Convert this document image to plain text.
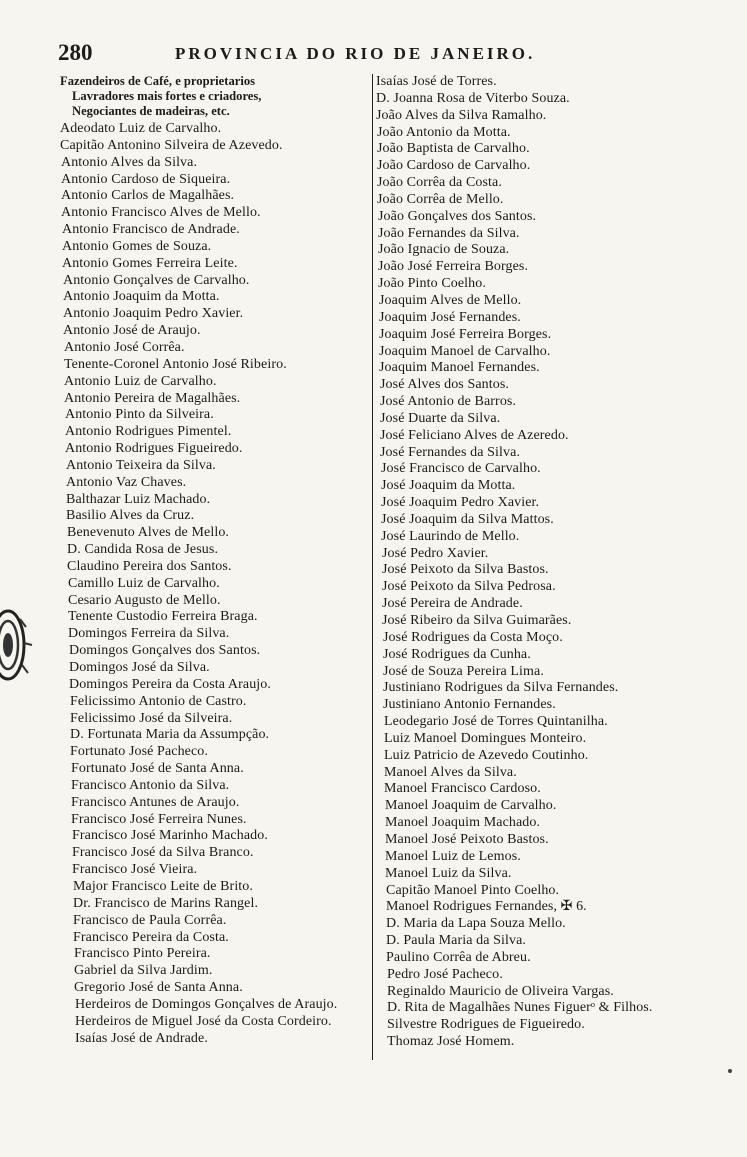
280	PROVINCIA DO RIO DE JANEIRO.
Fazendeiros de Café, e proprietarios
Lavradores mais fortes e criadores,
Negociantes de madeiras, etc.
Adeodato Luiz de Carvalho.
Capitão Antonino Silveira de Azevedo.
Antonio Alves da Silva.
Antonio Cardoso de Siqueira.
Antonio Carlos de Magalhães.
Antonio Francisco Alves de Mello.
Antonio Francisco de Andrade.
Antonio Gomes de Souza.
Antonio Gomes Ferreira Leite.
Antonio Gonçalves de Carvalho.
Antonio Joaquim da Motta.
Antonio Joaquim Pedro Xavier.
Antonio José de Araujo.
Antonio José Corrêa.
Tenente-Coronel Antonio José Ribeiro.
Antonio Luiz de Carvalho.
Antonio Pereira de Magalhães.
Antonio Pinto da Silveira.
Antonio Rodrigues Pimentel.
Antonio Rodrigues Figueiredo.
Antonio Teixeira da Silva.
Antonio Vaz Chaves.
Balthazar Luiz Machado.
Basilio Alves da Cruz.
Benevenuto Alves de Mello.
D. Candida Rosa de Jesus.
Claudino Pereira dos Santos.
Camillo Luiz de Carvalho.
Cesario Augusto de Mello.
Tenente Custodio Ferreira Braga.
Domingos Ferreira da Silva.
Domingos Gonçalves dos Santos.
Domingos José da Silva.
Domingos Pereira da Costa Araujo.
Felicissimo Antonio de Castro.
Felicissimo José da Silveira.
D. Fortunata Maria da Assumpção.
Fortunato José Pacheco.
Fortunato José de Santa Anna.
Francisco Antonio da Silva.
Francisco Antunes de Araujo.
Francisco José Ferreira Nunes.
Francisco José Marinho Machado.
Francisco José da Silva Branco.
Francisco José Vieira.
Major Francisco Leite de Brito.
Dr. Francisco de Marins Rangel.
Francisco de Paula Corrêa.
Francisco Pereira da Costa.
Francisco Pinto Pereira.
Gabriel da Silva Jardim.
Gregorio José de Santa Anna.
Herdeiros de Domingos Gonçalves de Araujo.
Herdeiros de Miguel José da Costa Cordeiro.
Isaías José de Andrade.
Isaías José de Torres.
D. Joanna Rosa de Viterbo Souza.
João Alves da Silva Ramalho.
João Antonio da Motta.
João Baptista de Carvalho.
João Cardoso de Carvalho.
João Corrêa da Costa.
João Corrêa de Mello.
João Gonçalves dos Santos.
João Fernandes da Silva.
João Ignacio de Souza.
João José Ferreira Borges.
João Pinto Coelho.
Joaquim Alves de Mello.
Joaquim José Fernandes.
Joaquim José Ferreira Borges.
Joaquim Manoel de Carvalho.
Joaquim Manoel Fernandes.
José Alves dos Santos.
José Antonio de Barros.
José Duarte da Silva.
José Feliciano Alves de Azeredo.
José Fernandes da Silva.
José Francisco de Carvalho.
José Joaquim da Motta.
José Joaquim Pedro Xavier.
José Joaquim da Silva Mattos.
José Laurindo de Mello.
José Pedro Xavier.
José Peixoto da Silva Bastos.
José Peixoto da Silva Pedrosa.
José Pereira de Andrade.
José Ribeiro da Silva Guimarães.
José Rodrigues da Costa Moço.
José Rodrigues da Cunha.
José de Souza Pereira Lima.
Justiniano Rodrigues da Silva Fernandes.
Justiniano Antonio Fernandes.
Leodegario José de Torres Quintanilha.
Luiz Manoel Domingues Monteiro.
Luiz Patricio de Azevedo Coutinho.
Manoel Alves da Silva.
Manoel Francisco Cardoso.
Manoel Joaquim de Carvalho.
Manoel Joaquim Machado.
Manoel José Peixoto Bastos.
Manoel Luiz de Lemos.
Manoel Luiz da Silva.
Capitão Manoel Pinto Coelho.
Manoel Rodrigues Fernandes, ✠ 6.
D. Maria da Lapa Souza Mello.
D. Paula Maria da Silva.
Paulino Corrêa de Abreu.
Pedro José Pacheco.
Reginaldo Mauricio de Oliveira Vargas.
D. Rita de Magalhães Nunes Figuerᵒ & Filhos.
Silvestre Rodrigues de Figueiredo.
Thomaz José Homem.
